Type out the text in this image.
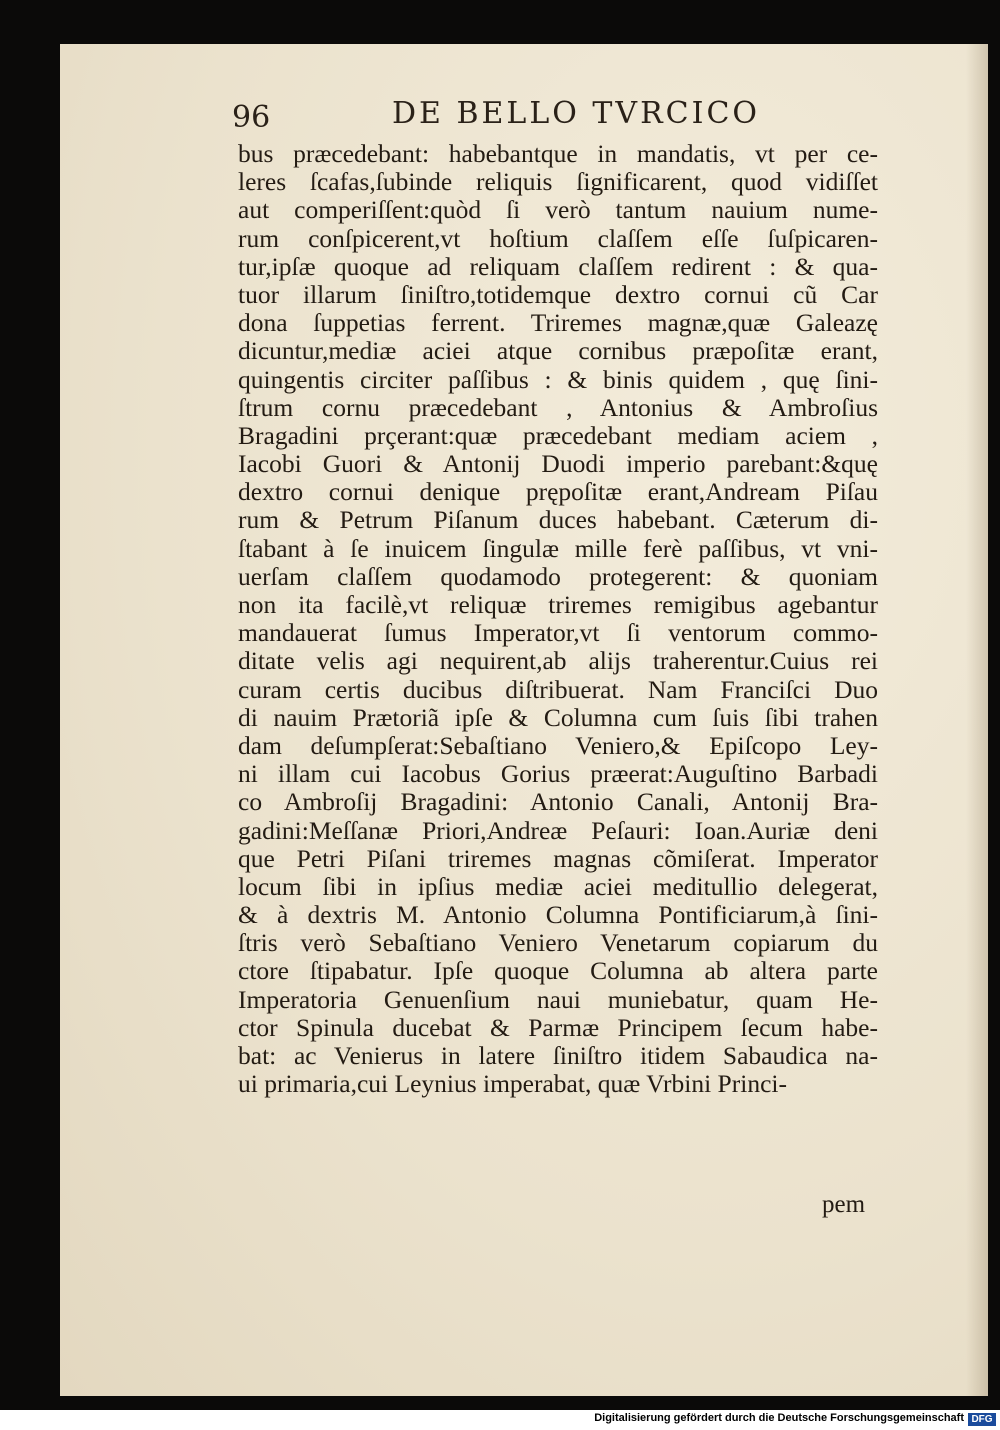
96	DE BELLO TVRCICO
bus præcedebant: habebantque in mandatis, vt per ce-
leres ſcafas,ſubinde reliquis ſignificarent, quod vidiſſet
aut comperiſſent:quòd ſi verò tantum nauium nume-
rum conſpicerent,vt hoſtium claſſem eſſe ſuſpicaren-
tur,ipſæ quoque ad reliquam claſſem redirent : & qua-
tuor illarum ſiniſtro,totidemque dextro cornui cũ Car
dona ſuppetias ferrent. Triremes magnæ,quæ Galeazę
dicuntur,mediæ aciei atque cornibus præpoſitæ erant,
quingentis circiter paſſibus : & binis quidem , quę ſini-
ſtrum cornu præcedebant , Antonius & Ambroſius
Bragadini prçerant:quæ præcedebant mediam aciem ,
Iacobi Guori & Antonĳ Duodi imperio parebant:&quę
dextro cornui denique prępoſitæ erant,Andream Piſau
rum & Petrum Piſanum duces habebant. Cæterum di-
ſtabant à ſe inuicem ſingulæ mille ferè paſſibus, vt vni-
uerſam claſſem quodamodo protegerent: & quoniam
non ita facilè,vt reliquæ triremes remigibus agebantur
mandauerat ſumus Imperator,vt ſi ventorum commo-
ditate velis agi nequirent,ab alĳs traherentur.Cuius rei
curam certis ducibus diſtribuerat. Nam Franciſci Duo
di nauim Prætoriã ipſe & Columna cum ſuis ſibi trahen
dam deſumpſerat:Sebaſtiano Veniero,& Epiſcopo Ley-
ni illam cui Iacobus Gorius præerat:Auguſtino Barbadi
co Ambroſĳ Bragadini: Antonio Canali, Antonĳ Bra-
gadini:Meſſanæ Priori,Andreæ Peſauri: Ioan.Auriæ deni
que Petri Piſani triremes magnas cõmiſerat. Imperator
locum ſibi in ipſius mediæ aciei meditullio delegerat,
& à dextris M. Antonio Columna Pontificiarum,à ſini-
ſtris verò Sebaſtiano Veniero Venetarum copiarum du
ctore ſtipabatur. Ipſe quoque Columna ab altera parte
Imperatoria Genuenſium naui muniebatur, quam He-
ctor Spinula ducebat & Parmæ Principem ſecum habe-
bat: ac Venierus in latere ſiniſtro itidem Sabaudica na-
ui primaria,cui Leynius imperabat, quæ Vrbini Princi-
pem
Digitalisierung gefördert durch die Deutsche Forschungsgemeinschaft DFG
